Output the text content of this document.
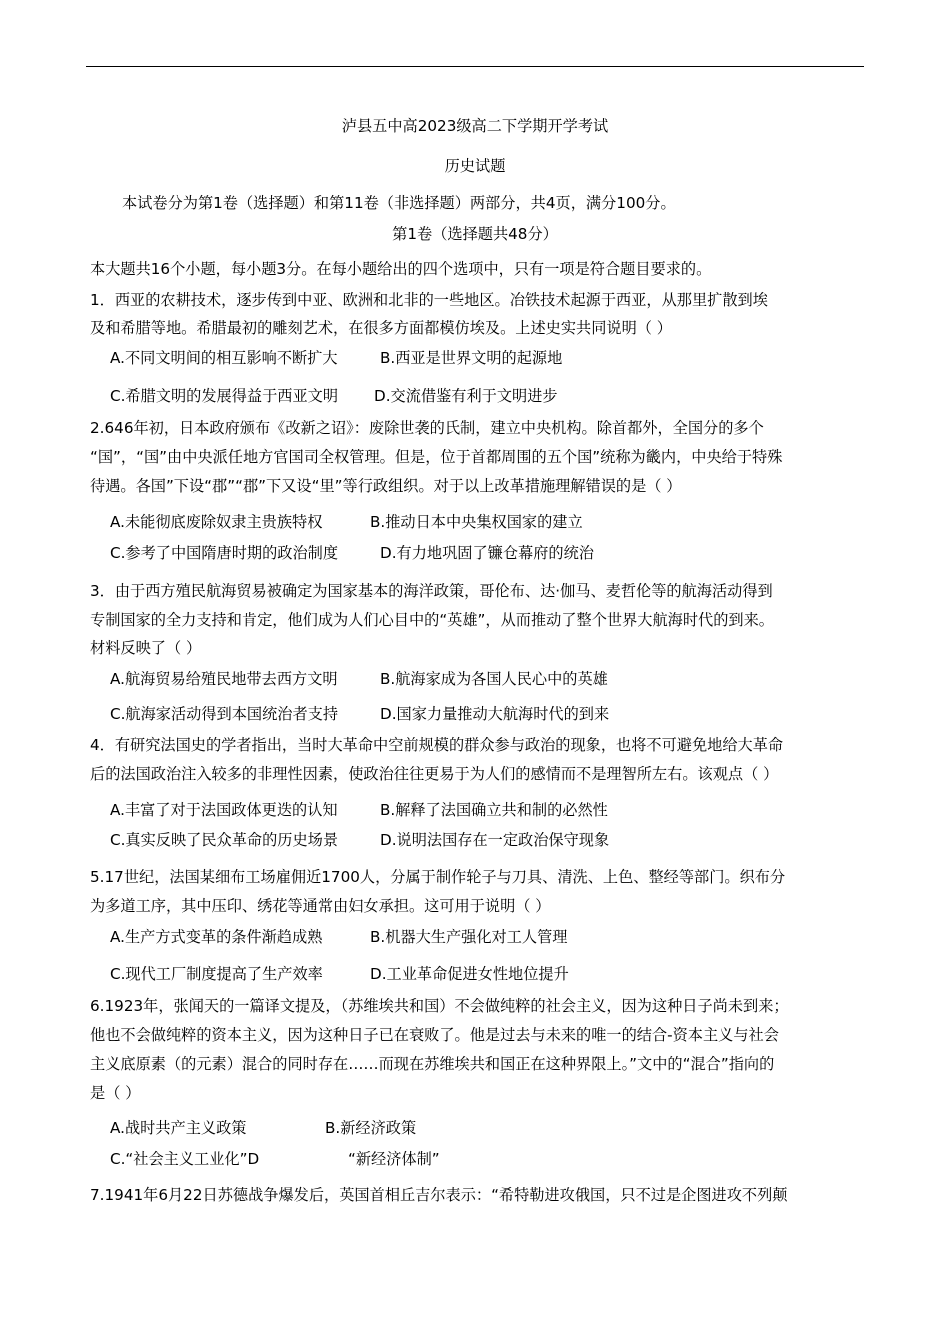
泸县五中高2023级高二下学期开学考试
历史试题
本试卷分为第1卷（选择题）和第11卷（非选择题）两部分，共4页，满分100分。
第1卷（选择题共48分）
本大题共16个小题，每小题3分。在每小题给出的四个选项中，只有一项是符合题目要求的。
1．西亚的农耕技术，逐步传到中亚、欧洲和北非的一些地区。冶铁技术起源于西亚，从那里扩散到埃
及和希腊等地。希腊最初的雕刻艺术，在很多方面都模仿埃及。上述史实共同说明（ ）
A.不同文明间的相互影响不断扩大	B.西亚是世界文明的起源地
C.希腊文明的发展得益于西亚文明 D.交流借鉴有利于文明进步
2.646年初，日本政府颁布《改新之诏》：废除世袭的氏制，建立中央机构。除首都外，全国分的多个
“国”，“国”由中央派任地方官国司全权管理。但是，位于首都周围的五个国”统称为畿内，中央给于特殊
待遇。各国”下设“郡”“郡”下又设“里”等行政组织。对于以上改革措施理解错误的是（ ）
A.未能彻底废除奴隶主贵族特权	B.推动日本中央集权国家的建立
C.参考了中国隋唐时期的政治制度	D.有力地巩固了镰仓幕府的统治
3．由于西方殖民航海贸易被确定为国家基本的海洋政策，哥伦布、达·伽马、麦哲伦等的航海活动得到
专制国家的全力支持和肯定，他们成为人们心目中的“英雄”，从而推动了整个世界大航海时代的到来。
材料反映了（ ）
A.航海贸易给殖民地带去西方文明	B.航海家成为各国人民心中的英雄
C.航海家活动得到本国统治者支持	D.国家力量推动大航海时代的到来
4．有研究法国史的学者指出，当时大革命中空前规模的群众参与政治的现象，也将不可避免地给大革命
后的法国政治注入较多的非理性因素，使政治往往更易于为人们的感情而不是理智所左右。该观点（ ）
A.丰富了对于法国政体更迭的认知	B.解释了法国确立共和制的必然性
C.真实反映了民众革命的历史场景	D.说明法国存在一定政治保守现象
5.17世纪，法国某细布工场雇佣近1700人，分属于制作轮子与刀具、清洗、上色、整经等部门。织布分
为多道工序，其中压印、绣花等通常由妇女承担。这可用于说明（ ）
A.生产方式变革的条件渐趋成熟	B.机器大生产强化对工人管理
C.现代工厂制度提高了生产效率	D.工业革命促进女性地位提升
6.1923年，张闻天的一篇译文提及，（苏维埃共和国）不会做纯粹的社会主义，因为这种日子尚未到来；
他也不会做纯粹的资本主义，因为这种日子已在衰败了。他是过去与未来的唯一的结合-资本主义与社会
主义底原素（的元素）混合的同时存在……而现在苏维埃共和国正在这种界限上。”文中的“混合”指向的
是（ ）
A.战时共产主义政策	B.新经济政策
C.“社会主义工业化”D	“新经济体制”
7.1941年6月22日苏德战争爆发后，英国首相丘吉尔表示：“希特勒进攻俄国，只不过是企图进攻不列颠
